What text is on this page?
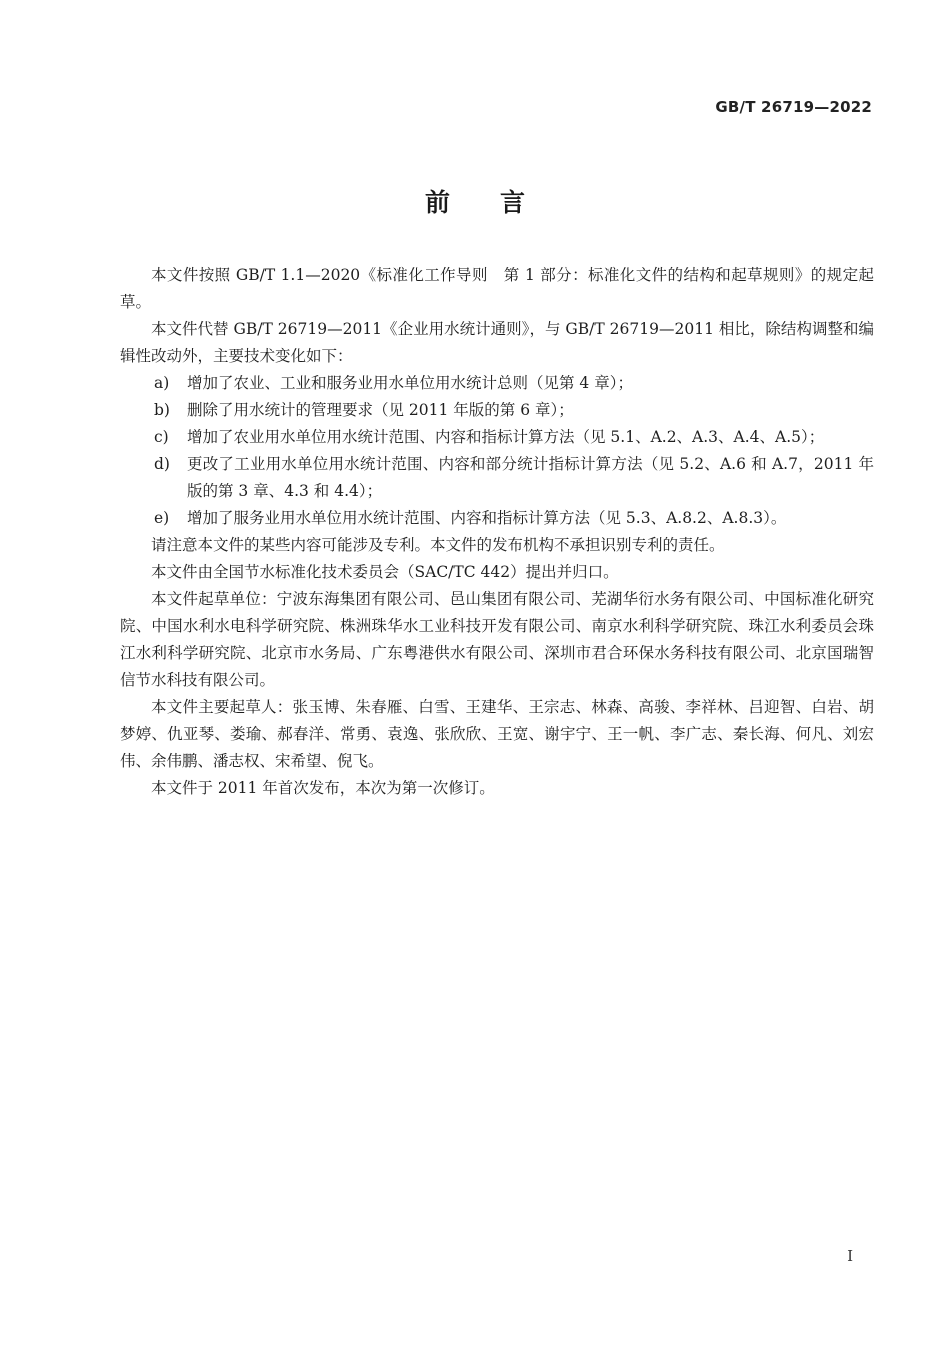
GB/T 26719—2022
前言

本文件按照 GB/T 1.1—2020《标准化工作导则　第 1 部分：标准化文件的结构和起草规则》的规定起草。

本文件代替 GB/T 26719—2011《企业用水统计通则》，与 GB/T 26719—2011 相比，除结构调整和编辑性改动外，主要技术变化如下：

a) 增加了农业、工业和服务业用水单位用水统计总则（见第 4 章）；

b) 删除了用水统计的管理要求（见 2011 年版的第 6 章）；

c) 增加了农业用水单位用水统计范围、内容和指标计算方法（见 5.1、A.2、A.3、A.4、A.5）；

d) 更改了工业用水单位用水统计范围、内容和部分统计指标计算方法（见 5.2、A.6 和 A.7，2011 年版的第 3 章、4.3 和 4.4）；

e) 增加了服务业用水单位用水统计范围、内容和指标计算方法（见 5.3、A.8.2、A.8.3）。

请注意本文件的某些内容可能涉及专利。本文件的发布机构不承担识别专利的责任。

本文件由全国节水标准化技术委员会（SAC/TC 442）提出并归口。

本文件起草单位：宁波东海集团有限公司、邑山集团有限公司、芜湖华衍水务有限公司、中国标准化研究院、中国水利水电科学研究院、株洲珠华水工业科技开发有限公司、南京水利科学研究院、珠江水利委员会珠江水利科学研究院、北京市水务局、广东粤港供水有限公司、深圳市君合环保水务科技有限公司、北京国瑞智信节水科技有限公司。

本文件主要起草人：张玉博、朱春雁、白雪、王建华、王宗志、林森、高骏、李祥林、吕迎智、白岩、胡梦婷、仇亚琴、娄瑜、郝春洋、常勇、袁逸、张欣欣、王宽、谢宇宁、王一帆、李广志、秦长海、何凡、刘宏伟、余伟鹏、潘志权、宋希望、倪飞。

本文件于 2011 年首次发布，本次为第一次修订。

I
